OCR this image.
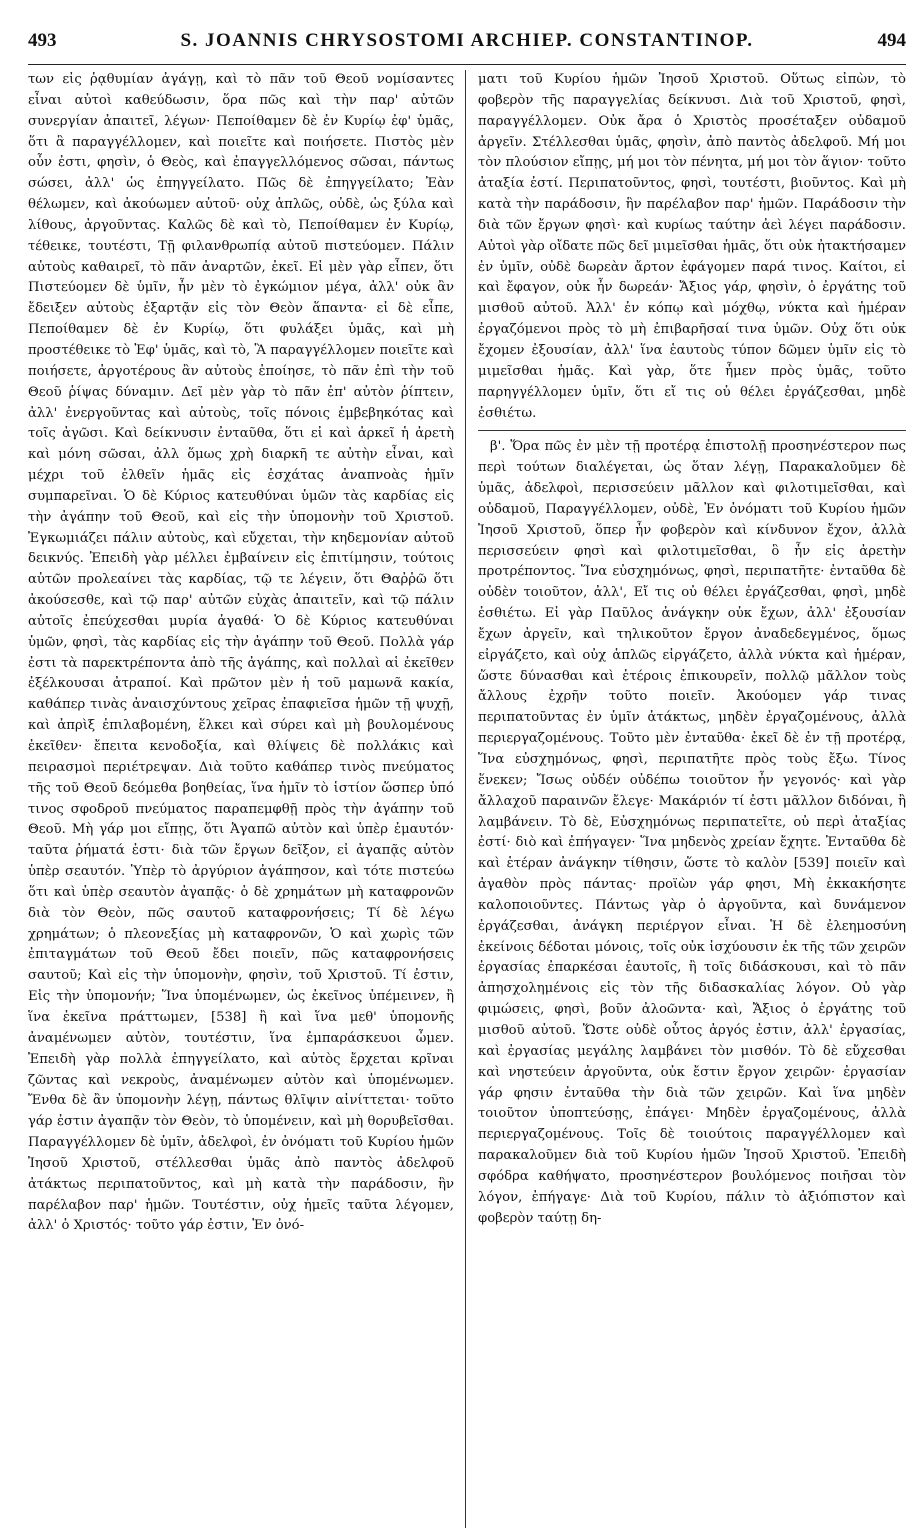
493	S. JOANNIS CHRYSOSTOMI ARCHIEP. CONSTANTINOP.	494

των εἰς ῥᾳθυμίαν ἀγάγῃ, καὶ τὸ πᾶν τοῦ Θεοῦ νομίσαντες εἶναι αὐτοὶ καθεύδωσιν, ὅρα πῶς καὶ τὴν παρ' αὐτῶν συνεργίαν ἀπαιτεῖ, λέγων· Πεποίθαμεν δὲ ἐν Κυρίῳ ἐφ' ὑμᾶς, ὅτι ἃ παραγγέλλομεν, καὶ ποιεῖτε καὶ ποιήσετε. Πιστὸς μὲν οὖν ἐστι, φησὶν, ὁ Θεὸς, καὶ ἐπαγγελλόμενος σῶσαι, πάντως σώσει, ἀλλ' ὡς ἐπηγγείλατο. Πῶς δὲ ἐπηγγείλατο; Ἐὰν θέλωμεν, καὶ ἀκούωμεν αὐτοῦ· οὐχ ἁπλῶς, οὐδὲ, ὡς ξύλα καὶ λίθους, ἀργοῦντας. Καλῶς δὲ καὶ τὸ, Πεποίθαμεν ἐν Κυρίῳ, τέθεικε, τουτέστι, Τῇ φιλανθρωπίᾳ αὐτοῦ πιστεύομεν. Πάλιν αὐτοὺς καθαιρεῖ, τὸ πᾶν ἀναρτῶν, ἐκεῖ. Εἰ μὲν γὰρ εἶπεν, ὅτι Πιστεύομεν δὲ ὑμῖν, ἦν μὲν τὸ ἐγκώμιον μέγα, ἀλλ' οὐκ ἂν ἔδειξεν αὐτοὺς ἐξαρτᾷν εἰς τὸν Θεὸν ἅπαντα· εἰ δὲ εἶπε, Πεποίθαμεν δὲ ἐν Κυρίῳ, ὅτι φυλάξει ὑμᾶς, καὶ μὴ προστέθεικε τὸ Ἐφ' ὑμᾶς, καὶ τὸ, Ἃ παραγγέλλομεν ποιεῖτε καὶ ποιήσετε, ἀργοτέρους ἂν αὐτοὺς ἐποίησε, τὸ πᾶν ἐπὶ τὴν τοῦ Θεοῦ ῥίψας δύναμιν. Δεῖ μὲν γὰρ τὸ πᾶν ἐπ' αὐτὸν ῥίπτειν, ἀλλ' ἐνεργοῦντας καὶ αὐτοὺς, τοῖς πόνοις ἐμβεβηκότας καὶ τοῖς ἀγῶσι. Καὶ δείκνυσιν ἐνταῦθα, ὅτι εἰ καὶ ἀρκεῖ ἡ ἀρετὴ καὶ μόνη σῶσαι, ἀλλ ὅμως χρὴ διαρκῆ τε αὐτὴν εἶναι, καὶ μέχρι τοῦ ἐλθεῖν ἡμᾶς εἰς ἐσχάτας ἀναπνοὰς ἡμῖν συμπαρεῖναι. Ὁ δὲ Κύριος κατευθύναι ὑμῶν τὰς καρδίας εἰς τὴν ἀγάπην τοῦ Θεοῦ, καὶ εἰς τὴν ὑπομονὴν τοῦ Χριστοῦ. Ἐγκωμιάζει πάλιν αὐτοὺς, καὶ εὔχεται, τὴν κηδεμονίαν αὐτοῦ δεικνύς. Ἐπειδὴ γὰρ μέλλει ἐμβαίνειν εἰς ἐπιτίμησιν, τούτοις αὐτῶν προλεαίνει τὰς καρδίας, τῷ τε λέγειν, ὅτι Θαῤῥῶ ὅτι ἀκούσεσθε, καὶ τῷ παρ' αὐτῶν εὐχὰς ἀπαιτεῖν, καὶ τῷ πάλιν αὐτοῖς ἐπεύχεσθαι μυρία ἀγαθά· Ὁ δὲ Κύριος κατευθύναι ὑμῶν, φησὶ, τὰς καρδίας εἰς τὴν ἀγάπην τοῦ Θεοῦ. Πολλὰ γάρ ἐστι τὰ παρεκτρέποντα ἀπὸ τῆς ἀγάπης, καὶ πολλαὶ αἱ ἐκεῖθεν ἐξέλκουσαι ἀτραποί. Καὶ πρῶτον μὲν ἡ τοῦ μαμωνᾶ κακία, καθάπερ τινὰς ἀναισχύντους χεῖρας ἐπαφιεῖσα ἡμῶν τῇ ψυχῇ, καὶ ἀπρὶξ ἐπιλαβομένη, ἕλκει καὶ σύρει καὶ μὴ βουλομένους ἐκεῖθεν· ἔπειτα κενοδοξία, καὶ θλίψεις δὲ πολλάκις καὶ πειρασμοὶ περιέτρεψαν. Διὰ τοῦτο καθάπερ τινὸς πνεύματος τῆς τοῦ Θεοῦ δεόμεθα βοηθείας, ἵνα ἡμῖν τὸ ἱστίον ὥσπερ ὑπό τινος σφοδροῦ πνεύματος παραπεμφθῇ πρὸς τὴν ἀγάπην τοῦ Θεοῦ. Μὴ γάρ μοι εἴπῃς, ὅτι Ἀγαπῶ αὐτὸν καὶ ὑπὲρ ἐμαυτόν· ταῦτα ῥήματά ἐστι· διὰ τῶν ἔργων δεῖξον, εἰ ἀγαπᾷς αὐτὸν ὑπὲρ σεαυτόν. Ὑπὲρ τὸ ἀργύριον ἀγάπησον, καὶ τότε πιστεύω ὅτι καὶ ὑπὲρ σεαυτὸν ἀγαπᾷς· ὁ δὲ χρημάτων μὴ καταφρονῶν διὰ τὸν Θεὸν, πῶς σαυτοῦ καταφρονήσεις; Τί δὲ λέγω χρημάτων; ὁ πλεονεξίας μὴ καταφρονῶν, Ὁ καὶ χωρὶς τῶν ἐπιταγμάτων τοῦ Θεοῦ ἔδει ποιεῖν, πῶς καταφρονήσεις σαυτοῦ; Καὶ εἰς τὴν ὑπομονὴν, φησὶν, τοῦ Χριστοῦ. Τί ἐστιν, Εἰς τὴν ὑπομονήν; Ἵνα ὑπομένωμεν, ὡς ἐκεῖνος ὑπέμεινεν, ἢ ἵνα ἐκεῖνα πράττωμεν, [538] ἢ καὶ ἵνα μεθ' ὑπομονῆς ἀναμένωμεν αὐτὸν, τουτέστιν, ἵνα ἐμπαράσκευοι ὦμεν. Ἐπειδὴ γὰρ πολλὰ ἐπηγγείλατο, καὶ αὐτὸς ἔρχεται κρῖναι ζῶντας καὶ νεκροὺς, ἀναμένωμεν αὐτὸν καὶ ὑπομένωμεν. Ἔνθα δὲ ἂν ὑπομονὴν λέγῃ, πάντως θλῖψιν αἰνίττεται· τοῦτο γάρ ἐστιν ἀγαπᾷν τὸν Θεὸν, τὸ ὑπομένειν, καὶ μὴ θορυβεῖσθαι. Παραγγέλλομεν δὲ ὑμῖν, ἀδελφοὶ, ἐν ὀνόματι τοῦ Κυρίου ἡμῶν Ἰησοῦ Χριστοῦ, στέλλεσθαι ὑμᾶς ἀπὸ παντὸς ἀδελφοῦ ἀτάκτως περιπατοῦντος, καὶ μὴ κατὰ τὴν παράδοσιν, ἣν παρέλαβον παρ' ἡμῶν. Τουτέστιν, οὐχ ἡμεῖς ταῦτα λέγομεν, ἀλλ' ὁ Χριστός· τοῦτο γάρ ἐστιν, Ἐν ὀνό-

ματι τοῦ Κυρίου ἡμῶν Ἰησοῦ Χριστοῦ. Οὕτως εἰπὼν, τὸ φοβερὸν τῆς παραγγελίας δείκνυσι. Διὰ τοῦ Χριστοῦ, φησὶ, παραγγέλλομεν. Οὐκ ἄρα ὁ Χριστὸς προσέταξεν οὐδαμοῦ ἀργεῖν. Στέλλεσθαι ὑμᾶς, φησὶν, ἀπὸ παντὸς ἀδελφοῦ. Μή μοι τὸν πλούσιον εἴπῃς, μή μοι τὸν πένητα, μή μοι τὸν ἅγιον· τοῦτο ἀταξία ἐστί. Περιπατοῦντος, φησὶ, τουτέστι, βιοῦντος. Καὶ μὴ κατὰ τὴν παράδοσιν, ἣν παρέλαβον παρ' ἡμῶν. Παράδοσιν τὴν διὰ τῶν ἔργων φησὶ· καὶ κυρίως ταύτην ἀεὶ λέγει παράδοσιν. Αὐτοὶ γὰρ οἴδατε πῶς δεῖ μιμεῖσθαι ἡμᾶς, ὅτι οὐκ ἠτακτήσαμεν ἐν ὑμῖν, οὐδὲ δωρεὰν ἄρτον ἐφάγομεν παρά τινος. Καίτοι, εἰ καὶ ἔφαγον, οὐκ ἦν δωρεάν· Ἄξιος γάρ, φησὶν, ὁ ἐργάτης τοῦ μισθοῦ αὐτοῦ. Ἀλλ' ἐν κόπῳ καὶ μόχθῳ, νύκτα καὶ ἡμέραν ἐργαζόμενοι πρὸς τὸ μὴ ἐπιβαρῆσαί τινα ὑμῶν. Οὐχ ὅτι οὐκ ἔχομεν ἐξουσίαν, ἀλλ' ἵνα ἑαυτοὺς τύπον δῶμεν ὑμῖν εἰς τὸ μιμεῖσθαι ἡμᾶς. Καὶ γὰρ, ὅτε ἦμεν πρὸς ὑμᾶς, τοῦτο παρηγγέλλομεν ὑμῖν, ὅτι εἴ τις οὐ θέλει ἐργάζεσθαι, μηδὲ ἐσθιέτω.

β'. Ὅρα πῶς ἐν μὲν τῇ προτέρᾳ ἐπιστολῇ προσηνέστερον πως περὶ τούτων διαλέγεται, ὡς ὅταν λέγῃ, Παρακαλοῦμεν δὲ ὑμᾶς, ἀδελφοὶ, περισσεύειν μᾶλλον καὶ φιλοτιμεῖσθαι, καὶ οὐδαμοῦ, Παραγγέλλομεν, οὐδὲ, Ἐν ὀνόματι τοῦ Κυρίου ἡμῶν Ἰησοῦ Χριστοῦ, ὅπερ ἦν φοβερὸν καὶ κίνδυνον ἔχον, ἀλλὰ περισσεύειν φησὶ καὶ φιλοτιμεῖσθαι, ὃ ἦν εἰς ἀρετὴν προτρέποντος. Ἵνα εὐσχημόνως, φησὶ, περιπατῆτε· ἐνταῦθα δὲ οὐδὲν τοιοῦτον, ἀλλ', Εἴ τις οὐ θέλει ἐργάζεσθαι, φησὶ, μηδὲ ἐσθιέτω. Εἰ γὰρ Παῦλος ἀνάγκην οὐκ ἔχων, ἀλλ' ἐξουσίαν ἔχων ἀργεῖν, καὶ τηλικοῦτον ἔργον ἀναδεδεγμένος, ὅμως εἰργάζετο, καὶ οὐχ ἁπλῶς εἰργάζετο, ἀλλὰ νύκτα καὶ ἡμέραν, ὥστε δύνασθαι καὶ ἑτέροις ἐπικουρεῖν, πολλῷ μᾶλλον τοὺς ἄλλους ἐχρῆν τοῦτο ποιεῖν. Ἀκούομεν γάρ τινας περιπατοῦντας ἐν ὑμῖν ἀτάκτως, μηδὲν ἐργαζομένους, ἀλλὰ περιεργαζομένους. Τοῦτο μὲν ἐνταῦθα· ἐκεῖ δὲ ἐν τῇ προτέρᾳ, Ἵνα εὐσχημόνως, φησὶ, περιπατῆτε πρὸς τοὺς ἔξω. Τίνος ἕνεκεν; Ἴσως οὐδέν οὐδέπω τοιοῦτον ἦν γεγονός· καὶ γὰρ ἄλλαχοῦ παραινῶν ἔλεγε· Μακάριόν τί ἐστι μᾶλλον διδόναι, ἢ λαμβάνειν. Τὸ δὲ, Εὐσχημόνως περιπατεῖτε, οὐ περὶ ἀταξίας ἐστί· διὸ καὶ ἐπήγαγεν· Ἵνα μηδενὸς χρείαν ἔχητε. Ἐνταῦθα δὲ καὶ ἑτέραν ἀνάγκην τίθησιν, ὥστε τὸ καλὸν [539] ποιεῖν καὶ ἀγαθὸν πρὸς πάντας· προϊὼν γάρ φησι, Μὴ ἐκκακήσητε καλοποιοῦντες. Πάντως γὰρ ὁ ἀργοῦντα, καὶ δυνάμενον ἐργάζεσθαι, ἀνάγκη περιέργον εἶναι. Ἡ δὲ ἐλεημοσύνη ἐκείνοις δέδοται μόνοις, τοῖς οὐκ ἰσχύουσιν ἐκ τῆς τῶν χειρῶν ἐργασίας ἐπαρκέσαι ἑαυτοῖς, ἢ τοῖς διδάσκουσι, καὶ τὸ πᾶν ἀπησχολημένοις εἰς τὸν τῆς διδασκαλίας λόγον. Οὐ γὰρ φιμώσεις, φησὶ, βοῦν ἀλοῶντα· καὶ, Ἄξιος ὁ ἐργάτης τοῦ μισθοῦ αὐτοῦ. Ὥστε οὐδὲ οὗτος ἀργός ἐστιν, ἀλλ' ἐργασίας, καὶ ἐργασίας μεγάλης λαμβάνει τὸν μισθόν. Τὸ δὲ εὔχεσθαι καὶ νηστεύειν ἀργοῦντα, οὐκ ἔστιν ἔργον χειρῶν· ἐργασίαν γάρ φησιν ἐνταῦθα τὴν διὰ τῶν χειρῶν. Καὶ ἵνα μηδὲν τοιοῦτον ὑποπτεύσῃς, ἐπάγει· Μηδὲν ἐργαζομένους, ἀλλὰ περιεργαζομένους. Τοῖς δὲ τοιούτοις παραγγέλλομεν καὶ παρακαλοῦμεν διὰ τοῦ Κυρίου ἡμῶν Ἰησοῦ Χριστοῦ. Ἐπειδὴ σφόδρα καθήψατο, προσηνέστερον βουλόμενος ποιῆσαι τὸν λόγον, ἐπήγαγε· Διὰ τοῦ Κυρίου, πάλιν τὸ ἀξιόπιστον καὶ φοβερὸν ταύτῃ δη-
